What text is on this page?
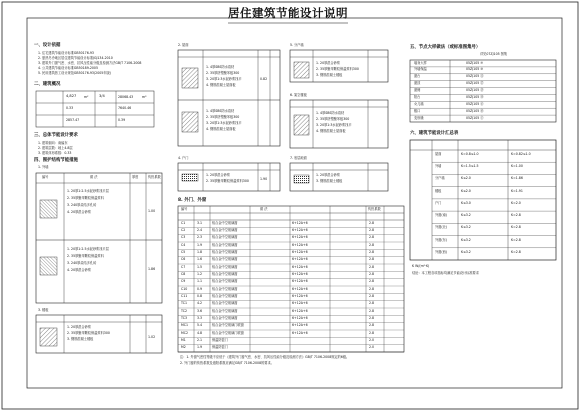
居住建筑节能设计说明
一、设计依据
1. 住宅建筑节能设计标准GB50176-93
2. 夏热冬冷地区居住建筑节能设计标准JGJ134-2010
3. 建筑外门窗气密、水密、抗风压性能分级及检测方法GB/T 7106-2008
4. 公共建筑节能设计标准GB50189-2005
5. 民用建筑热工设计规范GB50176-93(2005年版)
二、建筑概况
4,827 m²	3/4	28068.43	m³
0.33	7640.46
2857.47	0.39
三、总体节能设计要求
1. 建筑朝向：南偏东
2. 建筑层数：地上4.8层
3. 建筑体形系数：0.33
四、围护结构节能措施
1. 外墙
编号	做 法	厚度	传热系数
1. 20厚1:2.5水泥砂浆找平层
2. 35厚聚苯颗粒保温浆料
3. 240厚烧结多孔砖
4. 20厚混合砂浆	1.00
1. 20厚1:2.5水泥砂浆找平层
2. 35厚聚苯颗粒保温浆料
3. 240厚烧结多孔砖
4. 20厚混合砂浆	1.86
3. 楼板
1. 20厚混合砂浆
2. 35厚聚苯颗粒保温浆料300
3. 钢筋混凝土楼板	1.02
2. 屋面
1. 4厚SBS防水卷材
2. 35厚挤塑聚苯板300
3. 20厚1:3水泥砂浆找平
4. 钢筋混凝土屋面板
0.82
1. 4厚SBS防水卷材
2. 35厚挤塑聚苯板300
3. 20厚1:3水泥砂浆找平
4. 钢筋混凝土屋面板
4. 户门
1. 20厚混合砂浆
2. 35厚聚苯颗粒保温浆料300	1.90
8. 外门、外窗
C1	3.1	铝合金中空玻璃窗	6+12A+6	2.8
C2	2.4	铝合金中空玻璃窗	6+12A+6	2.8
C3	2.3	铝合金中空玻璃窗	6+12A+6	2.8
C4	1.9	铝合金中空玻璃窗	6+12A+6	2.8
C5	1.8	铝合金中空玻璃窗	6+12A+6	2.8
C6	1.6	铝合金中空玻璃窗	6+12A+6	2.8
C7	1.5	铝合金中空玻璃窗	6+12A+6	2.8
C8	1.2	铝合金中空玻璃窗	6+12A+6	2.8
C9	1.1	铝合金中空玻璃窗	6+12A+6	2.8
C10	0.9	铝合金中空玻璃窗	6+12A+6	2.8
C11	0.8	铝合金中空玻璃窗	6+12A+6	2.8
TC1	4.2	铝合金中空玻璃窗	6+12A+6	2.8
TC2	3.6	铝合金中空玻璃窗	6+12A+6	2.8
TC3	3.3	铝合金中空玻璃窗	6+12A+6	2.8
MC1	5.4	铝合金中空玻璃门联窗	6+12A+6	2.8
MC2	4.8	铝合金中空玻璃门联窗	6+12A+6	2.8
M1	2.1	保温防盗门	2.0
M2	1.9	保温防盗门	2.0
编号	做 法	传热系数
注：1. 外窗气密性等级不应低于《建筑外门窗气密、水密、抗风压性能分级及检测方法》GB/T 7106-2008规定的6级。
2. 外门窗的传热系数及遮阳系数应满足GB/T 7106-2008的要求。
5. 分户墙
1. 20厚混合砂浆
2. 35厚聚苯颗粒保温浆料300
3. 钢筋混凝土楼板
6. 架空楼板
1. 4厚SBS防水卷材
2. 35厚挤塑聚苯板300
3. 20厚1:3水泥砂浆找平
4. 钢筋混凝土屋面板
7. 底层地面
1. 20厚混合砂浆
3. 钢筋混凝土楼板
五、节点大样做法（或标准图集号）
详见07ZJ105 图集
墙身大样	05ZJ105 ⑨
外墙保温	05ZJ105 ⑩
窗台	05ZJ105 ⑪
窗顶	05ZJ105 ⑫
窗侧	05ZJ105 ⑬
阳台	05ZJ105 ⑭
女儿墙	05ZJ105 ⑮
檐口	05ZJ105 ⑯
变形缝	05ZJ105 ⑰
六、建筑节能设计汇总表
屋面	K=0.8≤1.0	K=0.82≤1.0
外墙	K=1.5≤1.5	K=1.00
分户墙	K≤2.0	K=1.86
楼板	K≤2.0	K=1.91
户门	K≤3.0	K=2.0
外窗(南)	K≤3.2	K=2.8
外窗(北)	K≤3.2	K=2.8
外窗(东)	K≤3.2	K=2.8
外窗(西)	K≤3.2	K=2.8
K W/(m²·K)
结论：本工程各项指标均满足节能设计标准要求
